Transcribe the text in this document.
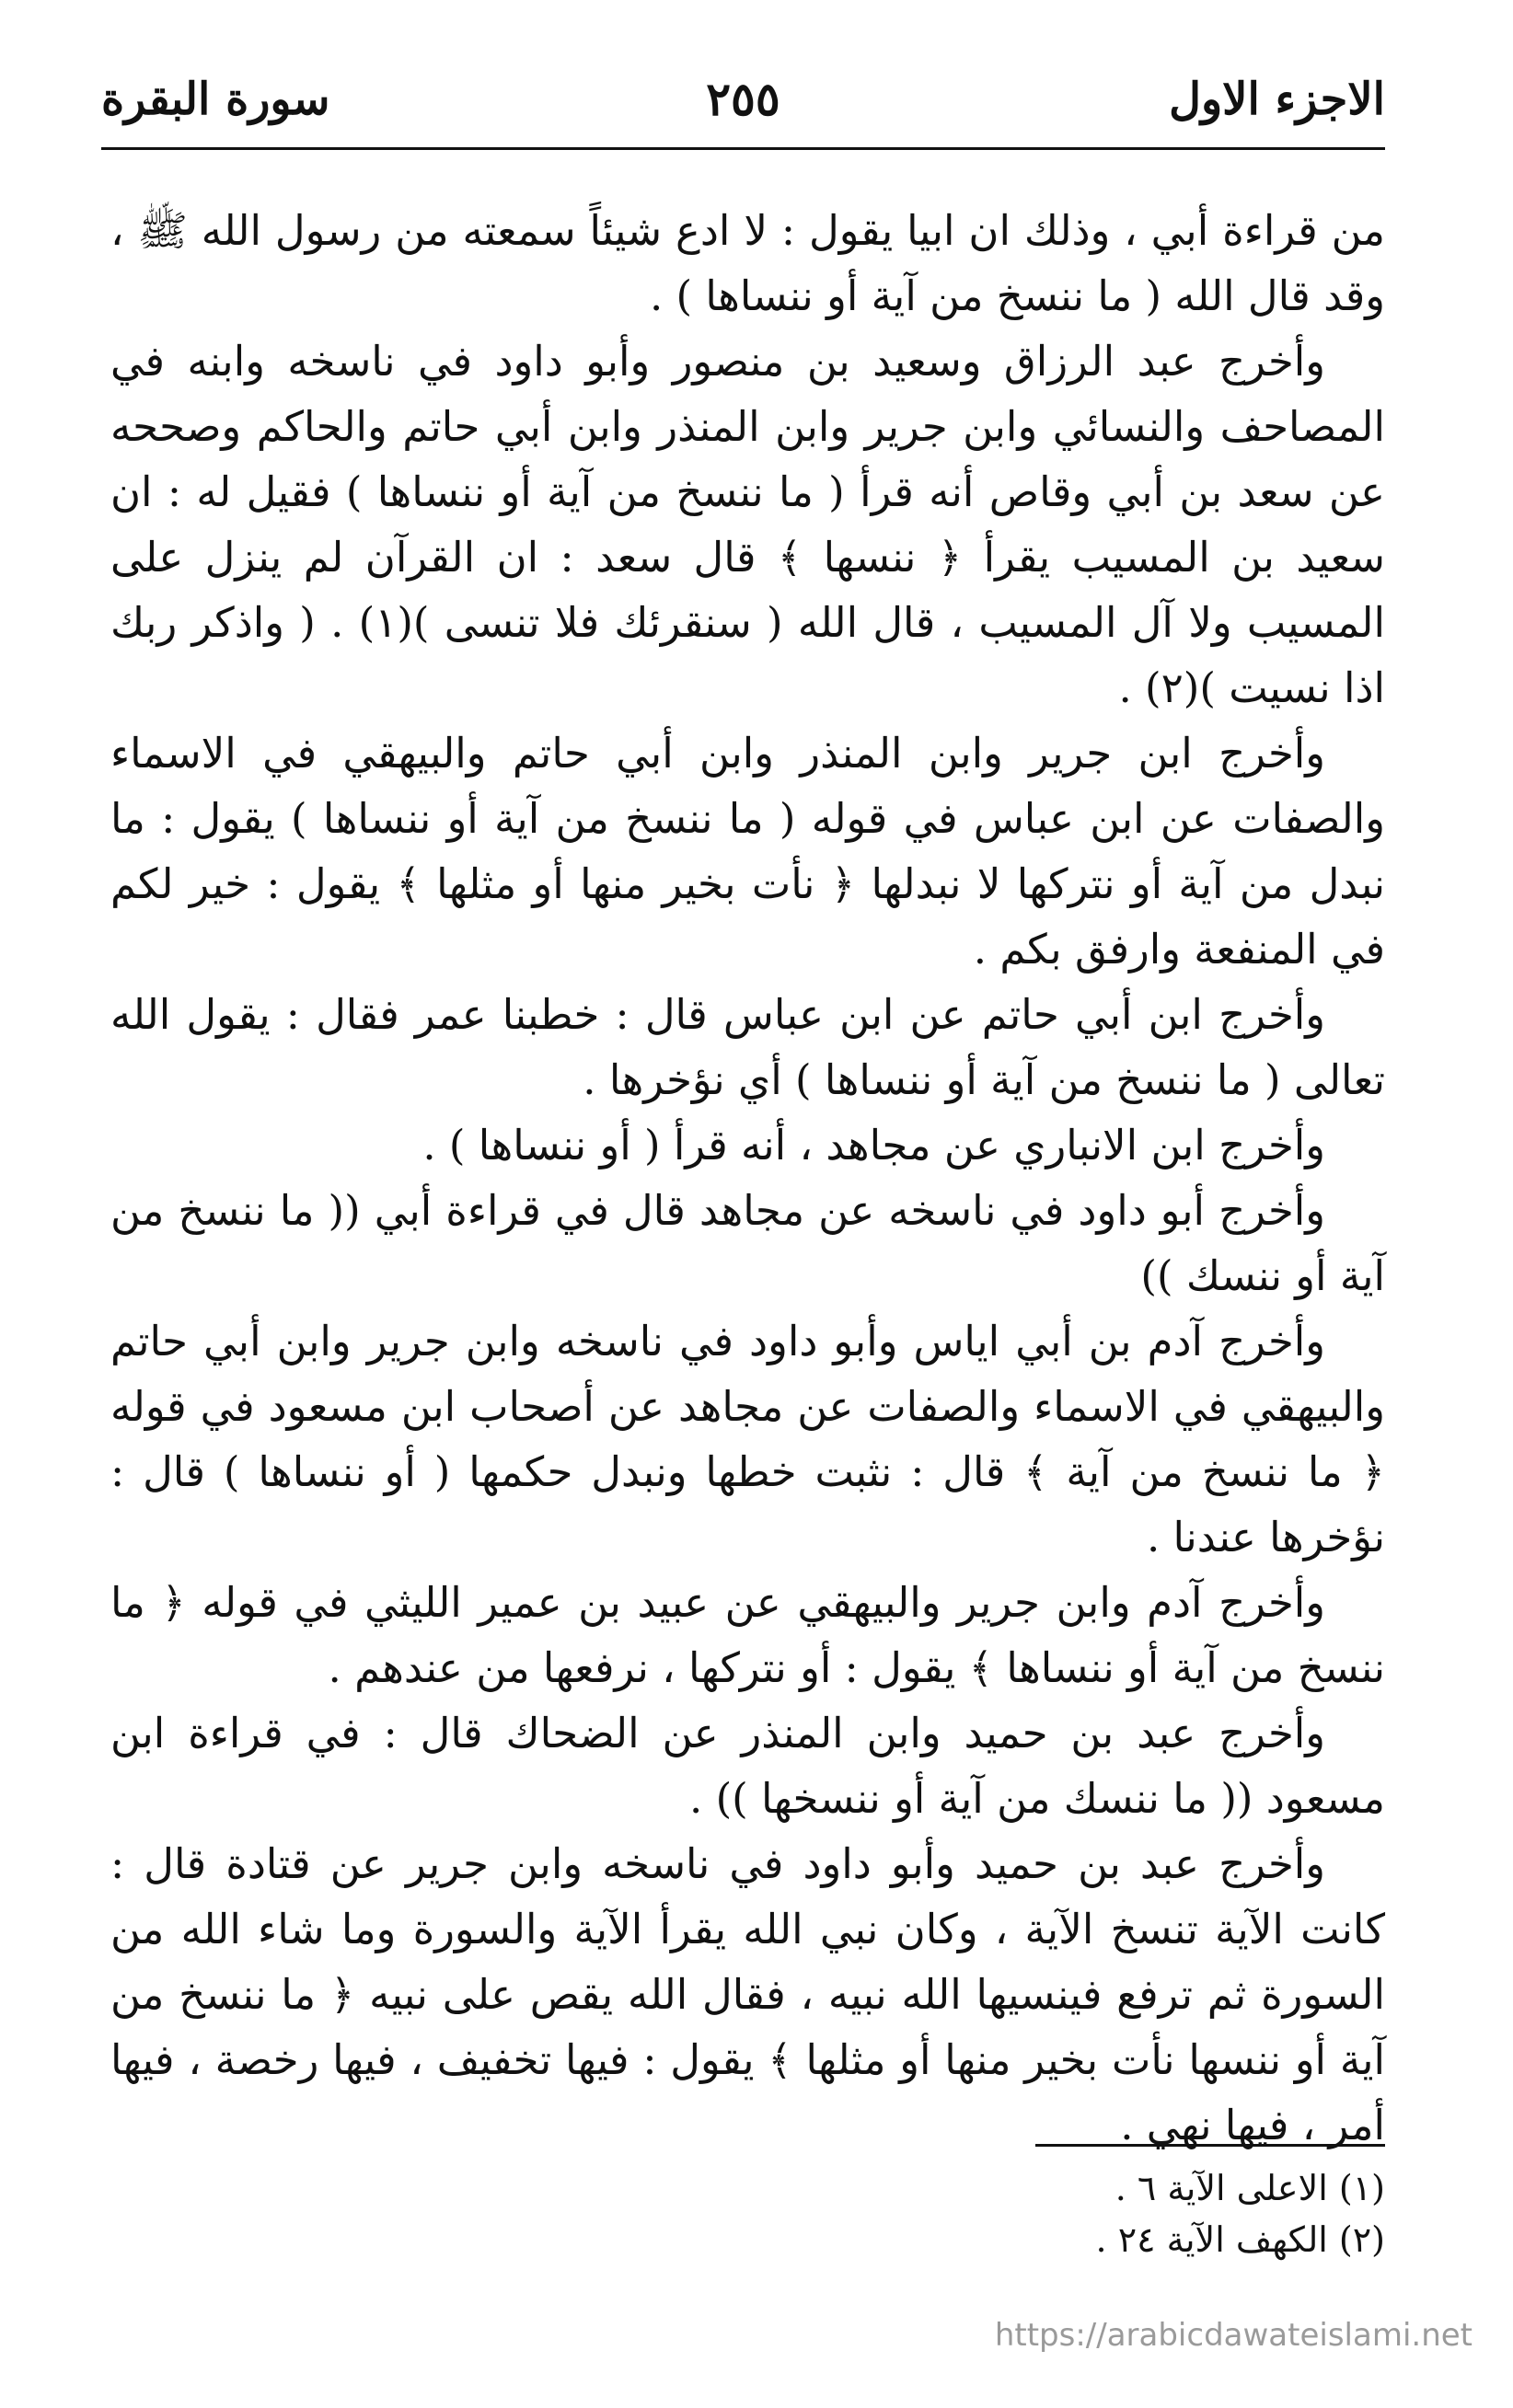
الاجزء الاول
٢٥٥
سورة البقرة

من قراءة أبي ، وذلك ان ابيا يقول : لا ادع شيئاً سمعته من رسول الله ﷺ ، وقد قال الله ( ما ننسخ من آية أو ننساها ) .

وأخرج عبد الرزاق وسعيد بن منصور وأبو داود في ناسخه وابنه في المصاحف والنسائي وابن جرير وابن المنذر وابن أبي حاتم والحاكم وصححه عن سعد بن أبي وقاص أنه قرأ ( ما ننسخ من آية أو ننساها ) فقيل له : ان سعيد بن المسيب يقرأ ﴿ ننسها ﴾ قال سعد : ان القرآن لم ينزل على المسيب ولا آل المسيب ، قال الله ( سنقرئك فلا تنسى )(١) . ( واذكر ربك اذا نسيت )(٢) .

وأخرج ابن جرير وابن المنذر وابن أبي حاتم والبيهقي في الاسماء والصفات عن ابن عباس في قوله ( ما ننسخ من آية أو ننساها ) يقول : ما نبدل من آية أو نتركها لا نبدلها ﴿ نأت بخير منها أو مثلها ﴾ يقول : خير لكم في المنفعة وارفق بكم .

وأخرج ابن أبي حاتم عن ابن عباس قال : خطبنا عمر فقال : يقول الله تعالى ( ما ننسخ من آية أو ننساها ) أي نؤخرها .

وأخرج ابن الانباري عن مجاهد ، أنه قرأ ( أو ننساها ) .

وأخرج أبو داود في ناسخه عن مجاهد قال في قراءة أبي (( ما ننسخ من آية أو ننسك ))

وأخرج آدم بن أبي اياس وأبو داود في ناسخه وابن جرير وابن أبي حاتم والبيهقي في الاسماء والصفات عن مجاهد عن أصحاب ابن مسعود في قوله ﴿ ما ننسخ من آية ﴾ قال : نثبت خطها ونبدل حكمها ( أو ننساها ) قال : نؤخرها عندنا .

وأخرج آدم وابن جرير والبيهقي عن عبيد بن عمير الليثي في قوله ﴿ ما ننسخ من آية أو ننساها ﴾ يقول : أو نتركها ، نرفعها من عندهم .

وأخرج عبد بن حميد وابن المنذر عن الضحاك قال : في قراءة ابن مسعود (( ما ننسك من آية أو ننسخها )) .

وأخرج عبد بن حميد وأبو داود في ناسخه وابن جرير عن قتادة قال : كانت الآية تنسخ الآية ، وكان نبي الله يقرأ الآية والسورة وما شاء الله من السورة ثم ترفع فينسيها الله نبيه ، فقال الله يقص على نبيه ﴿ ما ننسخ من آية أو ننسها نأت بخير منها أو مثلها ﴾ يقول : فيها تخفيف ، فيها رخصة ، فيها أمر ، فيها نهي .

(١) الاعلى الآية ٦ .
(٢) الكهف الآية ٢٤ .
https://arabicdawateislami.net
